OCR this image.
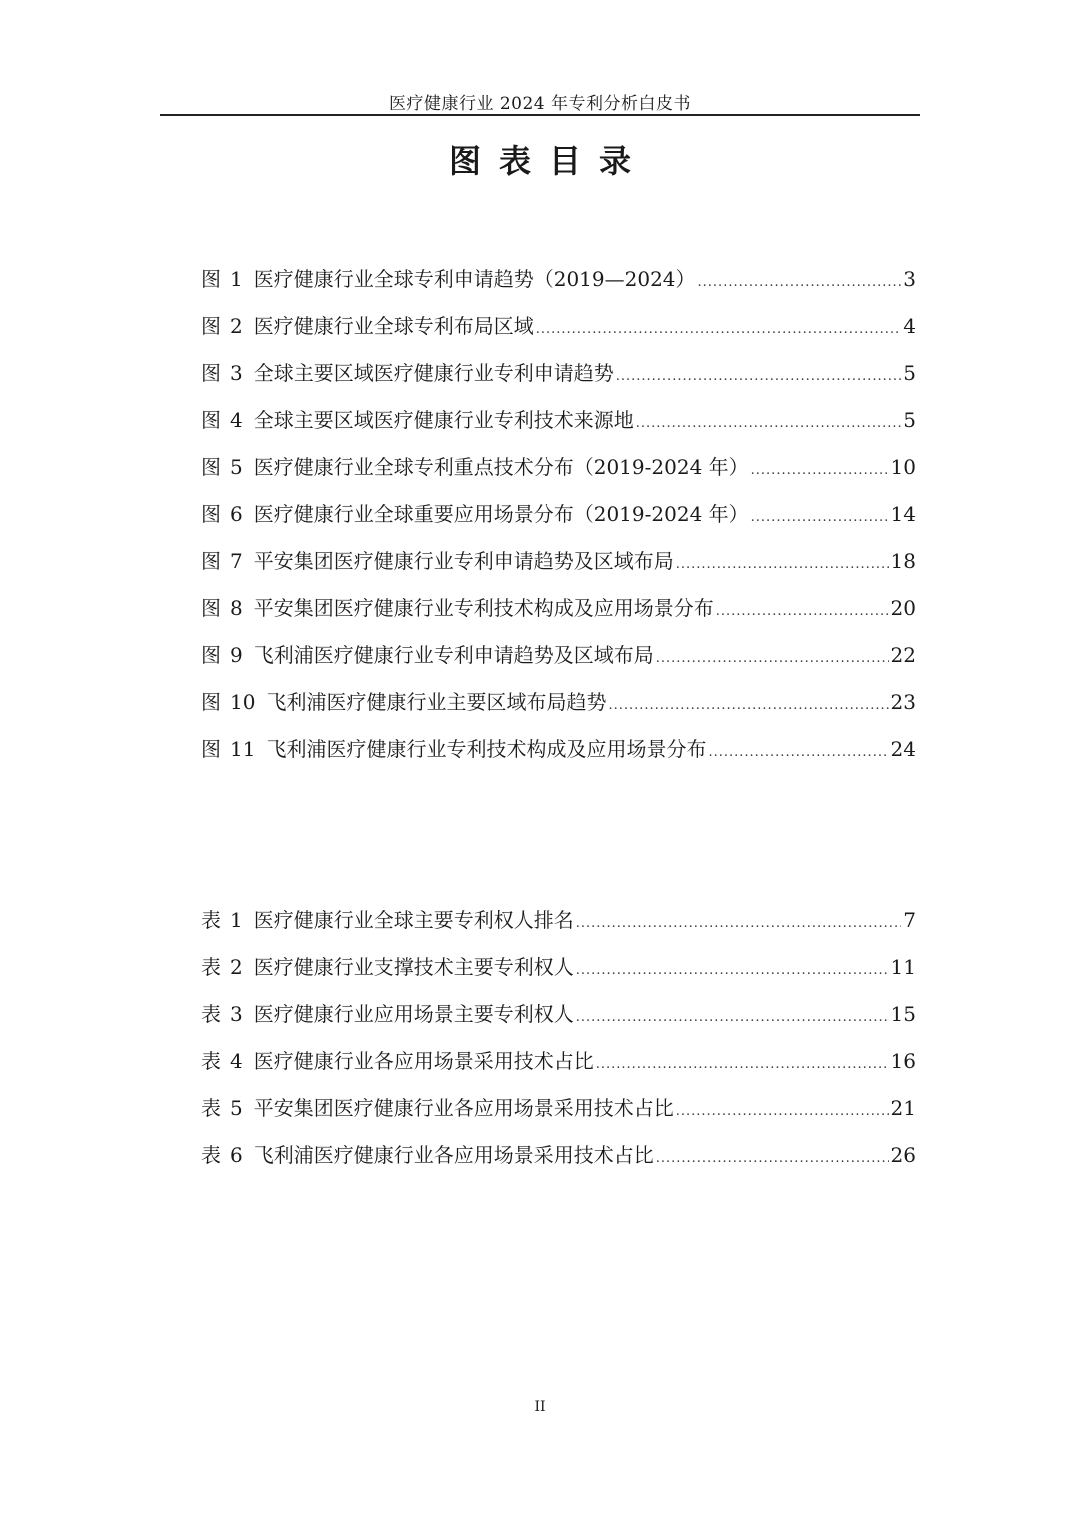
医疗健康行业 2024 年专利分析白皮书
图表目录
图 1 医疗健康行业全球专利申请趋势（2019—2024） .....	3
图 2 医疗健康行业全球专利布局区域 .....	4
图 3 全球主要区域医疗健康行业专利申请趋势 .....	5
图 4 全球主要区域医疗健康行业专利技术来源地 .....	5
图 5 医疗健康行业全球专利重点技术分布（2019-2024 年） .....	10
图 6 医疗健康行业全球重要应用场景分布（2019-2024 年） .....	14
图 7 平安集团医疗健康行业专利申请趋势及区域布局 .....	18
图 8 平安集团医疗健康行业专利技术构成及应用场景分布 .....	20
图 9 飞利浦医疗健康行业专利申请趋势及区域布局 .....	22
图 10 飞利浦医疗健康行业主要区域布局趋势 .....	23
图 11 飞利浦医疗健康行业专利技术构成及应用场景分布 .....	24
表 1 医疗健康行业全球主要专利权人排名 .....	7
表 2 医疗健康行业支撑技术主要专利权人 .....	11
表 3 医疗健康行业应用场景主要专利权人 .....	15
表 4 医疗健康行业各应用场景采用技术占比 .....	16
表 5 平安集团医疗健康行业各应用场景采用技术占比 .....	21
表 6 飞利浦医疗健康行业各应用场景采用技术占比 .....	26
II
